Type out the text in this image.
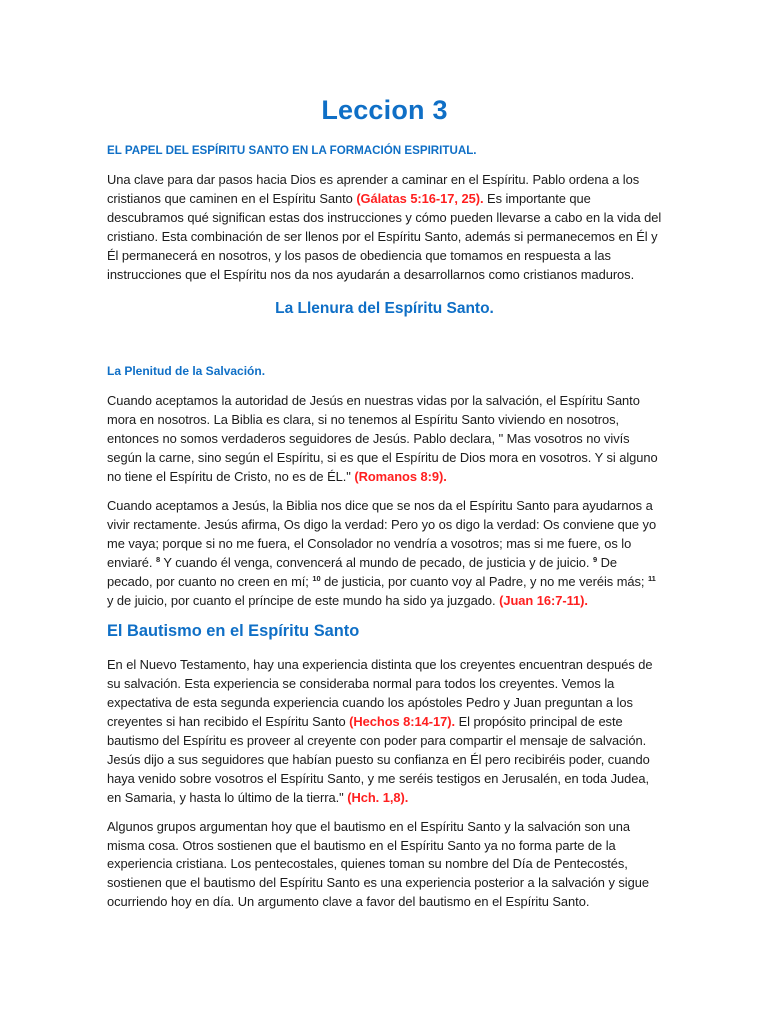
Leccion 3
EL PAPEL DEL ESPÍRITU SANTO EN LA FORMACIÓN ESPIRITUAL.

Una clave para dar pasos hacia Dios es aprender a caminar en el Espíritu. Pablo ordena a los cristianos que caminen en el Espíritu Santo (Gálatas 5:16-17, 25). Es importante que descubramos qué significan estas dos instrucciones y cómo pueden llevarse a cabo en la vida del cristiano. Esta combinación de ser llenos por el Espíritu Santo, además si permanecemos en Él y Él permanecerá en nosotros, y los pasos de obediencia que tomamos en respuesta a las instrucciones que el Espíritu nos da nos ayudarán a desarrollarnos como cristianos maduros.

La Llenura del Espíritu Santo.
La Plenitud de la Salvación.

Cuando aceptamos la autoridad de Jesús en nuestras vidas por la salvación, el Espíritu Santo mora en nosotros. La Biblia es clara, si no tenemos al Espíritu Santo viviendo en nosotros, entonces no somos verdaderos seguidores de Jesús. Pablo declara, " Mas vosotros no vivís según la carne, sino según el Espíritu, si es que el Espíritu de Dios mora en vosotros. Y si alguno no tiene el Espíritu de Cristo, no es de ÉL." (Romanos 8:9).

Cuando aceptamos a Jesús, la Biblia nos dice que se nos da el Espíritu Santo para ayudarnos a vivir rectamente. Jesús afirma, Os digo la verdad: Pero yo os digo la verdad: Os conviene que yo me vaya; porque si no me fuera, el Consolador no vendría a vosotros; mas si me fuere, os lo enviaré. $^8$ Y cuando él venga, convencerá al mundo de pecado, de justicia y de juicio. $^9$ De pecado, por cuanto no creen en mí; $^{10}$ de justicia, por cuanto voy al Padre, y no me veréis más; $^{11}$ y de juicio, por cuanto el príncipe de este mundo ha sido ya juzgado. (Juan 16:7-11).

El Bautismo en el Espíritu Santo

En el Nuevo Testamento, hay una experiencia distinta que los creyentes encuentran después de su salvación. Esta experiencia se consideraba normal para todos los creyentes. Vemos la expectativa de esta segunda experiencia cuando los apóstoles Pedro y Juan preguntan a los creyentes si han recibido el Espíritu Santo (Hechos 8:14-17). El propósito principal de este bautismo del Espíritu es proveer al creyente con poder para compartir el mensaje de salvación. Jesús dijo a sus seguidores que habían puesto su confianza en Él pero recibiréis poder, cuando haya venido sobre vosotros el Espíritu Santo, y me seréis testigos en Jerusalén, en toda Judea, en Samaria, y hasta lo último de la tierra." (Hch. 1,8).

Algunos grupos argumentan hoy que el bautismo en el Espíritu Santo y la salvación son una misma cosa. Otros sostienen que el bautismo en el Espíritu Santo ya no forma parte de la experiencia cristiana. Los pentecostales, quienes toman su nombre del Día de Pentecostés, sostienen que el bautismo del Espíritu Santo es una experiencia posterior a la salvación y sigue ocurriendo hoy en día. Un argumento clave a favor del bautismo en el Espíritu Santo.
